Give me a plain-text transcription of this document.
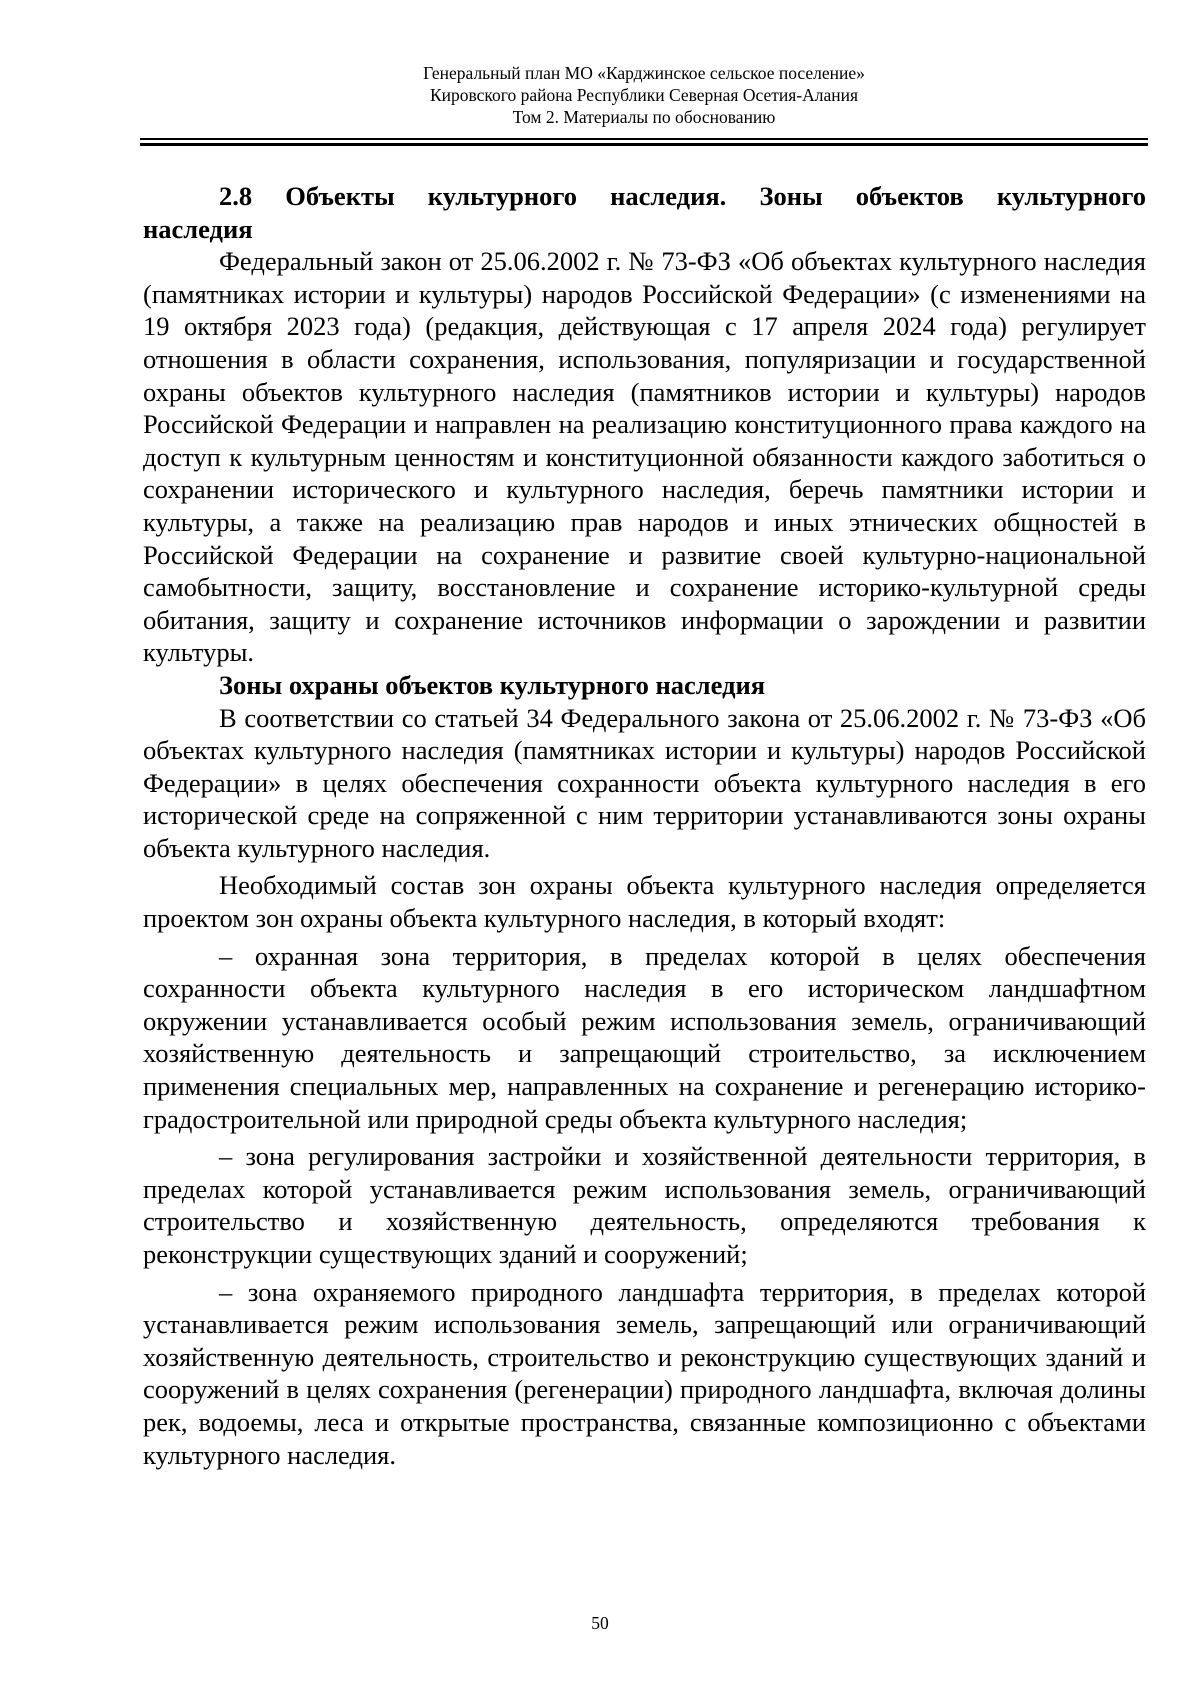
Генеральный план МО «Карджинское сельское поселение»
Кировского района Республики Северная Осетия-Алания
Том 2. Материалы по обоснованию
2.8 Объекты культурного наследия. Зоны объектов культурного наследия

Федеральный закон от 25.06.2002 г. № 73-ФЗ «Об объектах культурного наследия (памятниках истории и культуры) народов Российской Федерации» (с изменениями на 19 октября 2023 года) (редакция, действующая с 17 апреля 2024 года) регулирует отношения в области сохранения, использования, популяризации и государственной охраны объектов культурного наследия (памятников истории и культуры) народов Российской Федерации и направлен на реализацию конституционного права каждого на доступ к культурным ценностям и конституционной обязанности каждого заботиться о сохранении исторического и культурного наследия, беречь памятники истории и культуры, а также на реализацию прав народов и иных этнических общностей в Российской Федерации на сохранение и развитие своей культурно-национальной самобытности, защиту, восстановление и сохранение историко-культурной среды обитания, защиту и сохранение источников информации о зарождении и развитии культуры.

Зоны охраны объектов культурного наследия

В соответствии со статьей 34 Федерального закона от 25.06.2002 г. № 73-ФЗ «Об объектах культурного наследия (памятниках истории и культуры) народов Российской Федерации» в целях обеспечения сохранности объекта культурного наследия в его исторической среде на сопряженной с ним территории устанавливаются зоны охраны объекта культурного наследия.

Необходимый состав зон охраны объекта культурного наследия определяется проектом зон охраны объекта культурного наследия, в который входят:

– охранная зона территория, в пределах которой в целях обеспечения сохранности объекта культурного наследия в его историческом ландшафтном окружении устанавливается особый режим использования земель, ограничивающий хозяйственную деятельность и запрещающий строительство, за исключением применения специальных мер, направленных на сохранение и регенерацию историко-градостроительной или природной среды объекта культурного наследия;

– зона регулирования застройки и хозяйственной деятельности территория, в пределах которой устанавливается режим использования земель, ограничивающий строительство и хозяйственную деятельность, определяются требования к реконструкции существующих зданий и сооружений;

– зона охраняемого природного ландшафта территория, в пределах которой устанавливается режим использования земель, запрещающий или ограничивающий хозяйственную деятельность, строительство и реконструкцию существующих зданий и сооружений в целях сохранения (регенерации) природного ландшафта, включая долины рек, водоемы, леса и открытые пространства, связанные композиционно с объектами культурного наследия.

50
